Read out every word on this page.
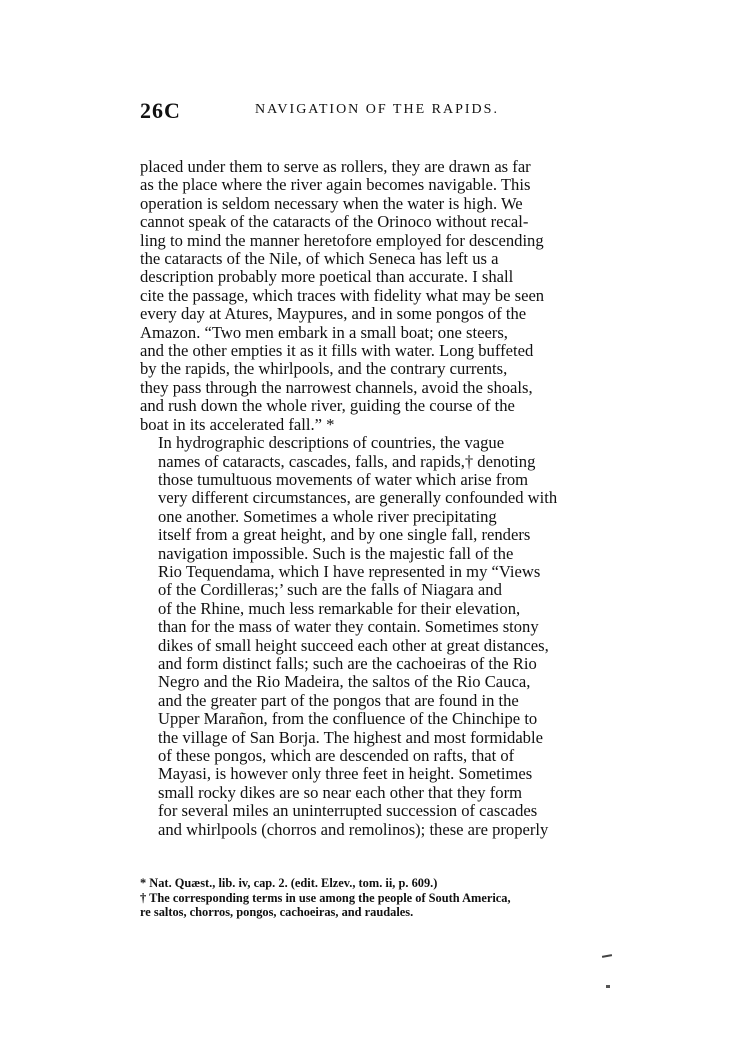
26C	NAVIGATION OF THE RAPIDS.

placed under them to serve as rollers, they are drawn as far
as the place where the river again becomes navigable. This
operation is seldom necessary when the water is high. We
cannot speak of the cataracts of the Orinoco without recal-
ling to mind the manner heretofore employed for descending
the cataracts of the Nile, of which Seneca has left us a
description probably more poetical than accurate. I shall
cite the passage, which traces with fidelity what may be seen
every day at Atures, Maypures, and in some pongos of the
Amazon. “Two men embark in a small boat; one steers,
and the other empties it as it fills with water. Long buffeted
by the rapids, the whirlpools, and the contrary currents,
they pass through the narrowest channels, avoid the shoals,
and rush down the whole river, guiding the course of the
boat in its accelerated fall.” *

In hydrographic descriptions of countries, the vague
names of cataracts, cascades, falls, and rapids,† denoting
those tumultuous movements of water which arise from
very different circumstances, are generally confounded with
one another. Sometimes a whole river precipitating
itself from a great height, and by one single fall, renders
navigation impossible. Such is the majestic fall of the
Rio Tequendama, which I have represented in my “Views
of the Cordilleras;’ such are the falls of Niagara and
of the Rhine, much less remarkable for their elevation,
than for the mass of water they contain. Sometimes stony
dikes of small height succeed each other at great distances,
and form distinct falls; such are the cachoeiras of the Rio
Negro and the Rio Madeira, the saltos of the Rio Cauca,
and the greater part of the pongos that are found in the
Upper Marañon, from the confluence of the Chinchipe to
the village of San Borja. The highest and most formidable
of these pongos, which are descended on rafts, that of
Mayasi, is however only three feet in height. Sometimes
small rocky dikes are so near each other that they form
for several miles an uninterrupted succession of cascades
and whirlpools (chorros and remolinos); these are properly

* Nat. Quæst., lib. iv, cap. 2. (edit. Elzev., tom. ii, p. 609.)
† The corresponding terms in use among the people of South America,
re saltos, chorros, pongos, cachoeiras, and raudales.
